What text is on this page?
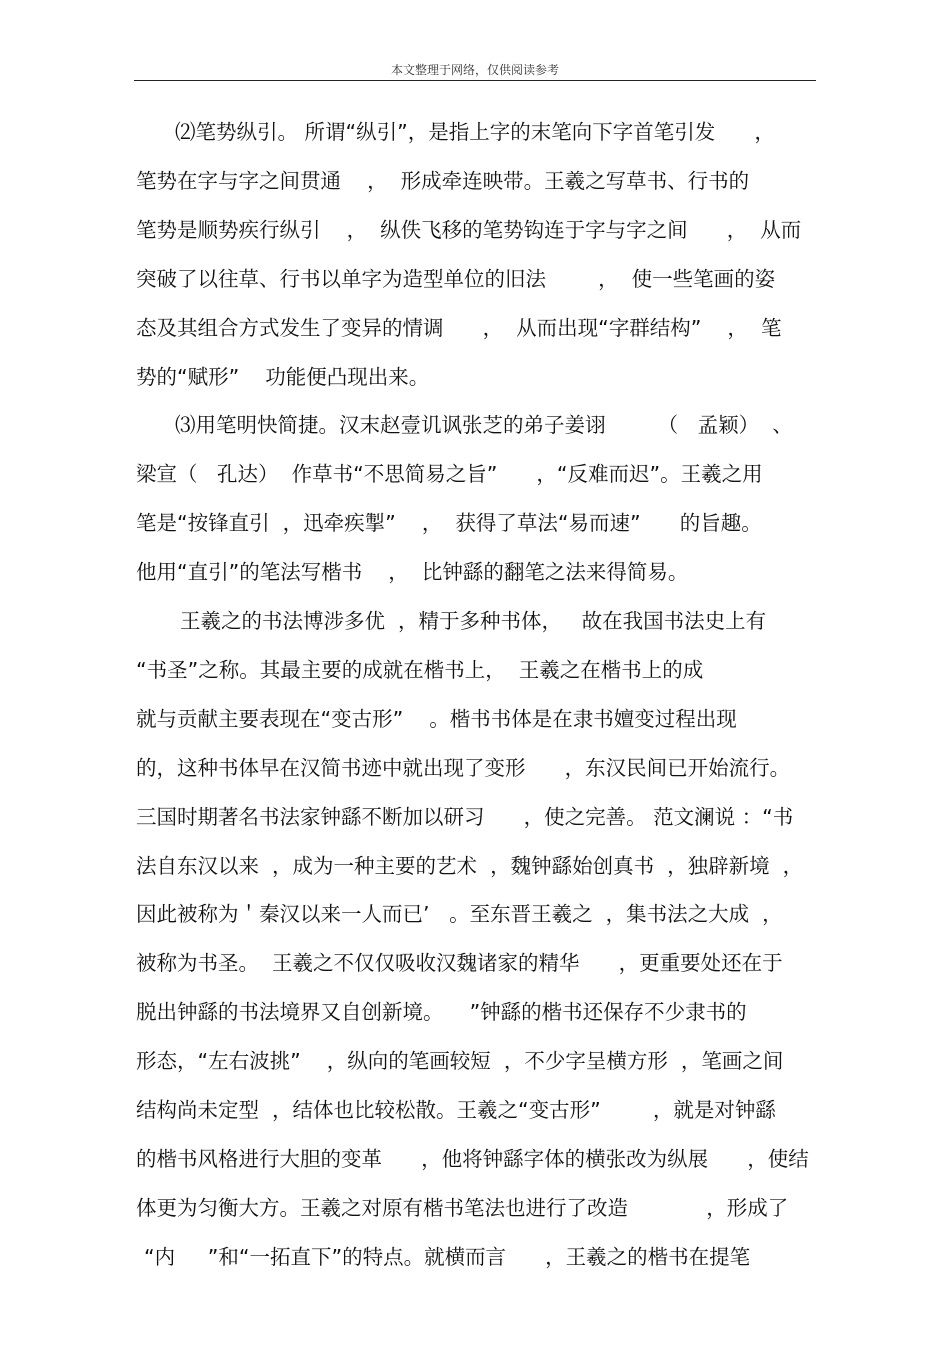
本文整理于网络，仅供阅读参考
⑵笔势纵引。 所谓“纵引”，是指上字的末笔向下字首笔引发      ，
笔势在字与字之间贯通    ，  形成牵连映带。王羲之写草书、行书的
笔势是顺势疾行纵引    ，  纵佚飞移的笔势钩连于字与字之间      ，  从而
突破了以往草、行书以单字为造型单位的旧法        ，  使一些笔画的姿
态及其组合方式发生了变异的情调      ，  从而出现“字群结构”    ，  笔
势的“赋形”    功能便凸现出来。
⑶用笔明快简捷。汉末赵壹讥讽张芝的弟子姜诩        （   孟颖）  、
梁宣（   孔达）  作草书“不思简易之旨”      ，“反难而迟”。王羲之用
笔是“按锋直引  ，迅牵疾掣”    ，  获得了草法“易而速”      的旨趣。
他用“直引”的笔法写楷书    ，  比钟繇的翻笔之法来得简易。
王羲之的书法博涉多优  ，精于多种书体，   故在我国书法史上有
“书圣”之称。其最主要的成就在楷书上，  王羲之在楷书上的成
就与贡献主要表现在“变古形”    。楷书书体是在隶书嬗变过程出现
的，这种书体早在汉简书迹中就出现了变形      ，东汉民间已开始流行。
三国时期著名书法家钟繇不断加以研习      ，使之完善。 范文澜说 ：“书
法自东汉以来  ，成为一种主要的艺术  ，魏钟繇始创真书  ，独辟新境  ，
因此被称为＇秦汉以来一人而已’   。至东晋王羲之  ，集书法之大成  ，
被称为书圣。  王羲之不仅仅吸收汉魏诸家的精华      ，更重要处还在于
脱出钟繇的书法境界又自创新境。    ”钟繇的楷书还保存不少隶书的
形态，“左右波挑”    ，纵向的笔画较短  ，不少字呈横方形  ，笔画之间
结构尚未定型  ，结体也比较松散。王羲之“变古形”        ，就是对钟繇
的楷书风格进行大胆的变革      ，他将钟繇字体的横张改为纵展      ，使结
体更为匀衡大方。王羲之对原有楷书笔法也进行了改造            ，形成了
“内     ”和“一拓直下”的特点。就横而言      ，王羲之的楷书在提笔
